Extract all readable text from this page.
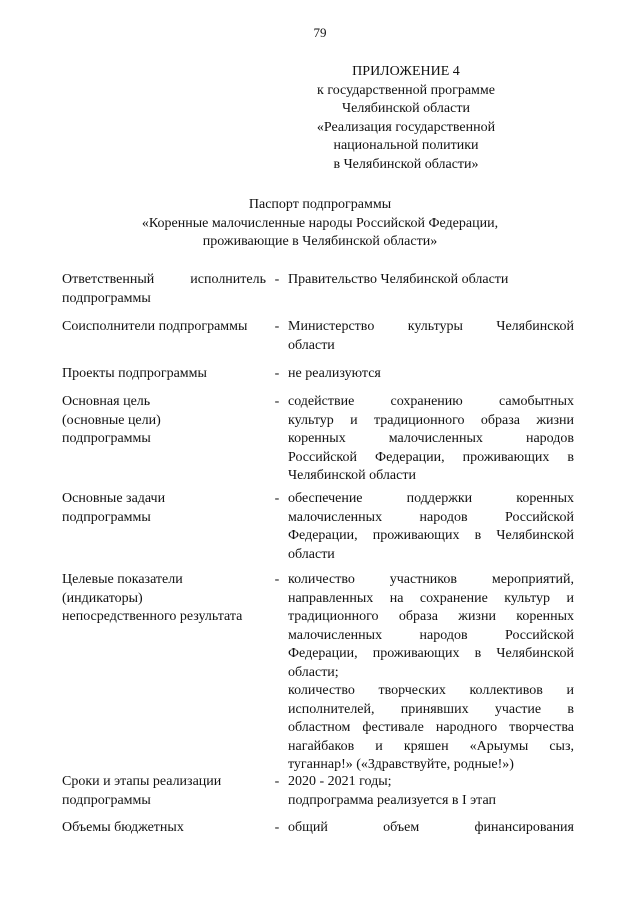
79
ПРИЛОЖЕНИЕ 4
к государственной программе
Челябинской области
«Реализация государственной
национальной политики
в Челябинской области»
Паспорт подпрограммы
«Коренные малочисленные народы Российской Федерации,
проживающие в Челябинской области»
Ответственный исполнитель
подпрограммы
- Правительство Челябинской области
Соисполнители подпрограммы	- Министерство культуры Челябинской
области
Проекты подпрограммы	- не реализуются
Основная цель
(основные цели)
подпрограммы
- содействие сохранению самобытных
культур и традиционного образа жизни
коренных малочисленных народов
Российской Федерации, проживающих в
Челябинской области
Основные задачи
подпрограммы
- обеспечение поддержки коренных
малочисленных народов Российской
Федерации, проживающих в Челябинской
области
Целевые показатели
(индикаторы)
непосредственного результата
- количество участников мероприятий,
направленных на сохранение культур и
традиционного образа жизни коренных
малочисленных народов Российской
Федерации, проживающих в Челябинской
области;
количество творческих коллективов и
исполнителей, принявших участие в
областном фестивале народного творчества
нагайбаков и кряшен «Арыумы сыз,
туганнар!» («Здравствуйте, родные!»)
Сроки и этапы реализации
подпрограммы
- 2020 - 2021 годы;
подпрограмма реализуется в I этап
Объемы бюджетных	- общий объем финансирования
